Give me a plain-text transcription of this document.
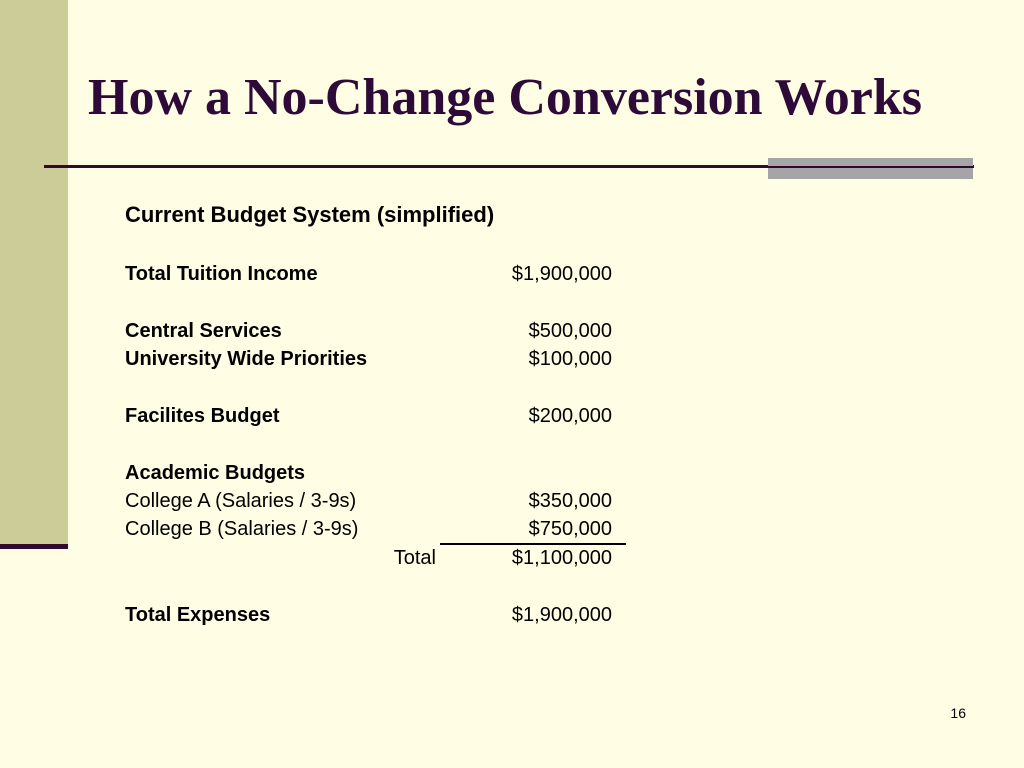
How a No-Change Conversion Works
Current Budget System (simplified)
Total Tuition Income	$1,900,000
Central Services	$500,000
University Wide Priorities	$100,000
Facilites Budget	$200,000
Academic Budgets
College A (Salaries / 3-9s)	$350,000
College B (Salaries / 3-9s)	$750,000
Total	$1,100,000
Total Expenses	$1,900,000
16
